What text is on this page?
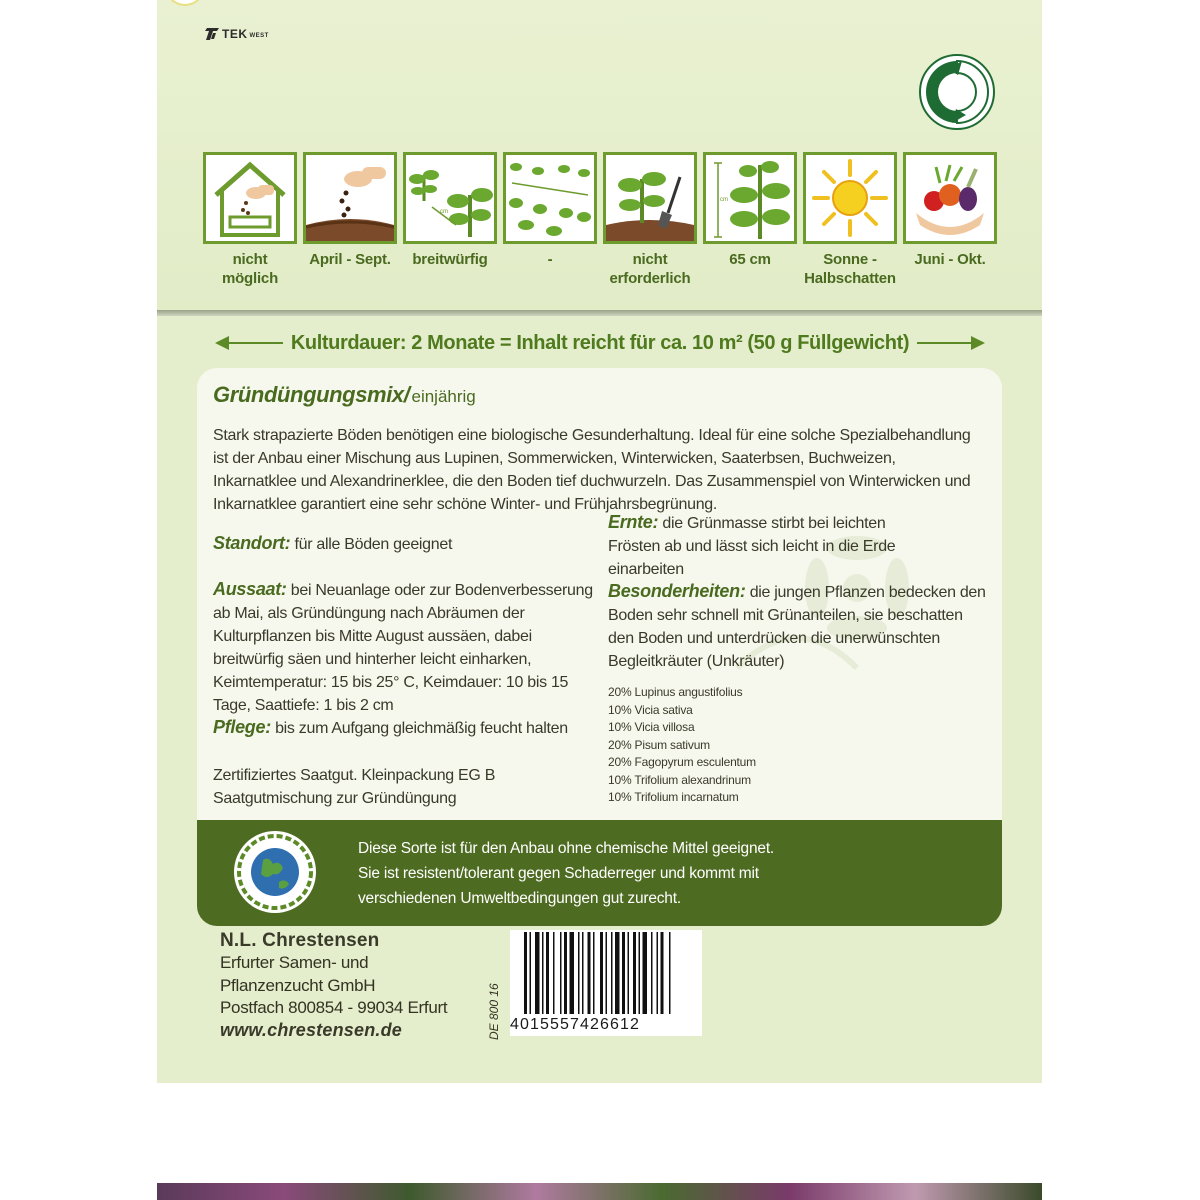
TEK WEST
nicht möglich
April - Sept.
cm
breitwürfig	-	nicht erforderlich
cm
65 cm	Sonne - Halbschatten
Juni - Okt.
Kulturdauer: 2 Monate = Inhalt reicht für ca. 10 m² (50 g Füllgewicht)
Gründüngungsmix/ einjährig
Stark strapazierte Böden benötigen eine biologische Gesunderhaltung. Ideal für eine solche Spezialbehandlung ist der Anbau einer Mischung aus Lupinen, Sommerwicken, Winterwicken, Saaterbsen, Buchweizen, Inkarnatklee und Alexandrinerklee, die den Boden tief duchwurzeln. Das Zusammenspiel von Winterwicken und Inkarnatklee garantiert eine sehr schöne Winter- und Frühjahrsbegrünung.
Standort: für alle Böden geeignet
Aussaat: bei Neuanlage oder zur Bodenverbesserung ab Mai, als Gründüngung nach Abräumen der Kulturpflanzen bis Mitte August aussäen, dabei breitwürfig säen und hinterher leicht einharken, Keimtemperatur: 15 bis 25° C, Keimdauer: 10 bis 15 Tage, Saattiefe: 1 bis 2 cm
Pflege: bis zum Aufgang gleichmäßig feucht halten
Zertifiziertes Saatgut. Kleinpackung EG B Saatgutmischung zur Gründüngung
Ernte: die Grünmasse stirbt bei leichten Frösten ab und lässt sich leicht in die Erde einarbeiten
Besonderheiten: die jungen Pflanzen bedecken den Boden sehr schnell mit Grünanteilen, sie beschatten den Boden und unterdrücken die unerwünschten Begleitkräuter (Unkräuter)
20% Lupinus angustifolius
10% Vicia sativa
10% Vicia villosa
20% Pisum sativum
20% Fagopyrum esculentum
10% Trifolium alexandrinum
10% Trifolium incarnatum
Diese Sorte ist für den Anbau ohne chemische Mittel geeignet.
Sie ist resistent/tolerant gegen Schaderreger und kommt mit
verschiedenen Umweltbedingungen gut zurecht.
N.L. Chrestensen
Erfurter Samen- und
Pflanzenzucht GmbH
Postfach 800854 - 99034 Erfurt
www.chrestensen.de	DE 800 16 4015557426612
